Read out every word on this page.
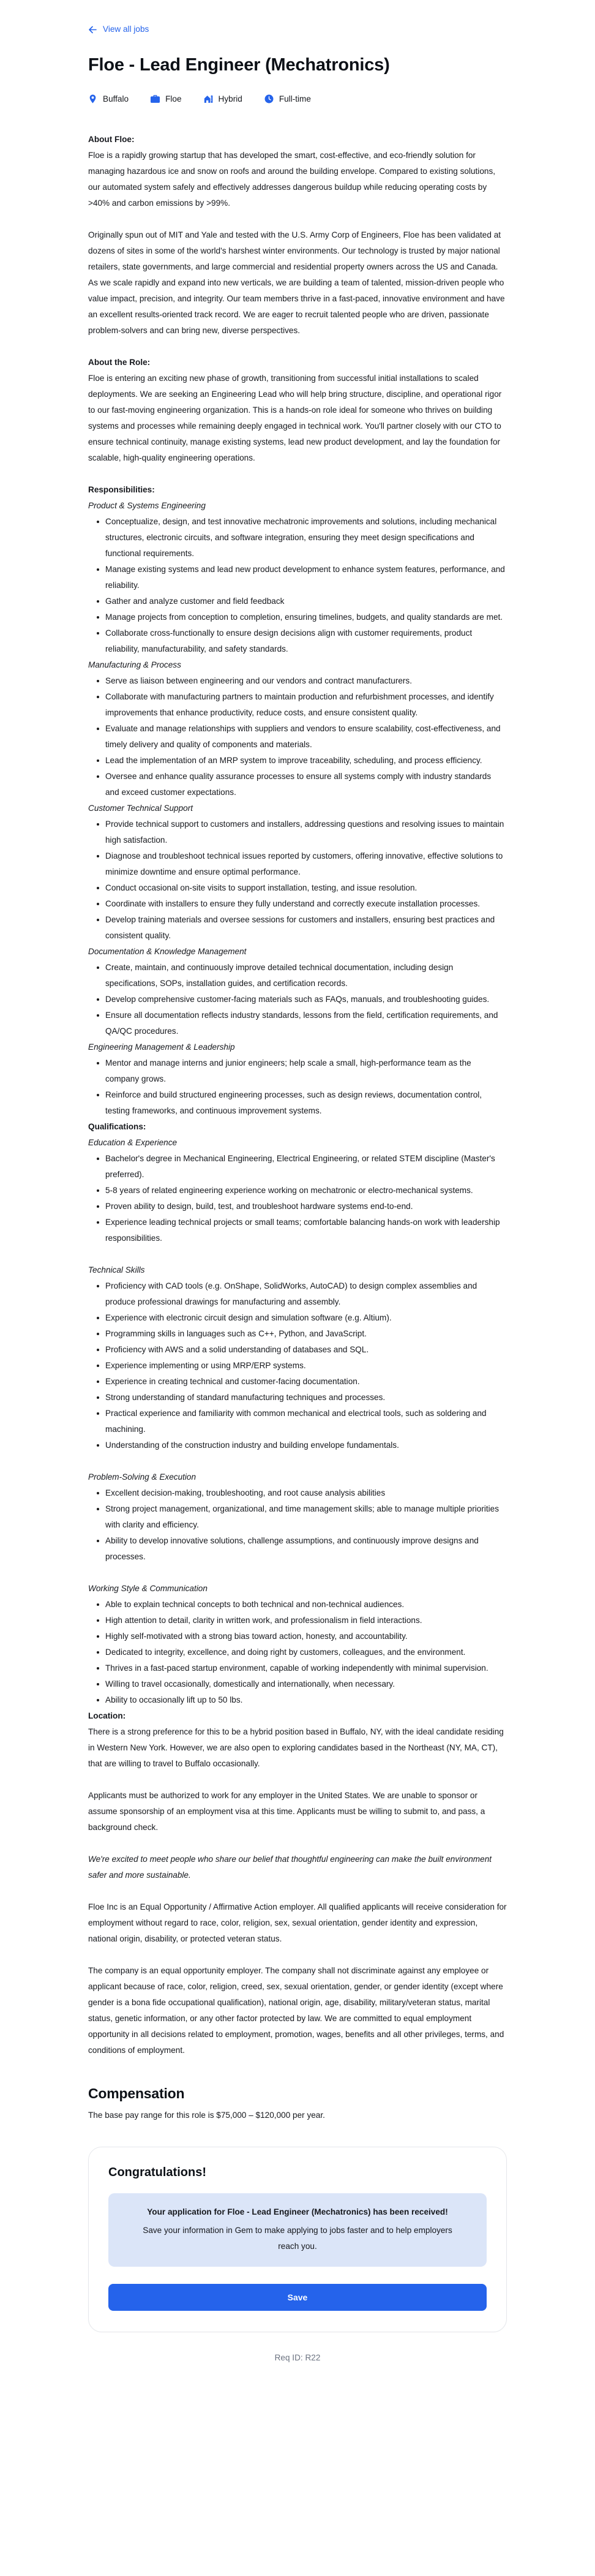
View all jobs
Floe - Lead Engineer (Mechatronics)
Buffalo	Floe	Hybrid	Full-time
About Floe:

Floe is a rapidly growing startup that has developed the smart, cost-effective, and eco-friendly solution for managing hazardous ice and snow on roofs and around the building envelope. Compared to existing solutions, our automated system safely and effectively addresses dangerous buildup while reducing operating costs by >40% and carbon emissions by >99%.

Originally spun out of MIT and Yale and tested with the U.S. Army Corp of Engineers, Floe has been validated at dozens of sites in some of the world's harshest winter environments. Our technology is trusted by major national retailers, state governments, and large commercial and residential property owners across the US and Canada.

As we scale rapidly and expand into new verticals, we are building a team of talented, mission-driven people who value impact, precision, and integrity. Our team members thrive in a fast-paced, innovative environment and have an excellent results-oriented track record. We are eager to recruit talented people who are driven, passionate problem-solvers and can bring new, diverse perspectives.

About the Role:

Floe is entering an exciting new phase of growth, transitioning from successful initial installations to scaled deployments. We are seeking an Engineering Lead who will help bring structure, discipline, and operational rigor to our fast-moving engineering organization. This is a hands-on role ideal for someone who thrives on building systems and processes while remaining deeply engaged in technical work. You'll partner closely with our CTO to ensure technical continuity, manage existing systems, lead new product development, and lay the foundation for scalable, high-quality engineering operations.

Responsibilities:
Product & Systems Engineering
Conceptualize, design, and test innovative mechatronic improvements and solutions, including mechanical structures, electronic circuits, and software integration, ensuring they meet design specifications and functional requirements.
Manage existing systems and lead new product development to enhance system features, performance, and reliability.
Gather and analyze customer and field feedback
Manage projects from conception to completion, ensuring timelines, budgets, and quality standards are met.
Collaborate cross-functionally to ensure design decisions align with customer requirements, product reliability, manufacturability, and safety standards.
Manufacturing & Process
Serve as liaison between engineering and our vendors and contract manufacturers.
Collaborate with manufacturing partners to maintain production and refurbishment processes, and identify improvements that enhance productivity, reduce costs, and ensure consistent quality.
Evaluate and manage relationships with suppliers and vendors to ensure scalability, cost-effectiveness, and timely delivery and quality of components and materials.
Lead the implementation of an MRP system to improve traceability, scheduling, and process efficiency.
Oversee and enhance quality assurance processes to ensure all systems comply with industry standards and exceed customer expectations.
Customer Technical Support
Provide technical support to customers and installers, addressing questions and resolving issues to maintain high satisfaction.
Diagnose and troubleshoot technical issues reported by customers, offering innovative, effective solutions to minimize downtime and ensure optimal performance.
Conduct occasional on-site visits to support installation, testing, and issue resolution.
Coordinate with installers to ensure they fully understand and correctly execute installation processes.
Develop training materials and oversee sessions for customers and installers, ensuring best practices and consistent quality.
Documentation & Knowledge Management
Create, maintain, and continuously improve detailed technical documentation, including design specifications, SOPs, installation guides, and certification records.
Develop comprehensive customer-facing materials such as FAQs, manuals, and troubleshooting guides.
Ensure all documentation reflects industry standards, lessons from the field, certification requirements, and QA/QC procedures.
Engineering Management & Leadership
Mentor and manage interns and junior engineers; help scale a small, high-performance team as the company grows.
Reinforce and build structured engineering processes, such as design reviews, documentation control, testing frameworks, and continuous improvement systems.
Qualifications:
Education & Experience
Bachelor's degree in Mechanical Engineering, Electrical Engineering, or related STEM discipline (Master's preferred).
5-8 years of related engineering experience working on mechatronic or electro-mechanical systems.
Proven ability to design, build, test, and troubleshoot hardware systems end-to-end.
Experience leading technical projects or small teams; comfortable balancing hands-on work with leadership responsibilities.
Technical Skills
Proficiency with CAD tools (e.g. OnShape, SolidWorks, AutoCAD) to design complex assemblies and produce professional drawings for manufacturing and assembly.
Experience with electronic circuit design and simulation software (e.g. Altium).
Programming skills in languages such as C++, Python, and JavaScript.
Proficiency with AWS and a solid understanding of databases and SQL.
Experience implementing or using MRP/ERP systems.
Experience in creating technical and customer-facing documentation.
Strong understanding of standard manufacturing techniques and processes.
Practical experience and familiarity with common mechanical and electrical tools, such as soldering and machining.
Understanding of the construction industry and building envelope fundamentals.
Problem-Solving & Execution
Excellent decision-making, troubleshooting, and root cause analysis abilities
Strong project management, organizational, and time management skills; able to manage multiple priorities with clarity and efficiency.
Ability to develop innovative solutions, challenge assumptions, and continuously improve designs and processes.
Working Style & Communication
Able to explain technical concepts to both technical and non-technical audiences.
High attention to detail, clarity in written work, and professionalism in field interactions.
Highly self-motivated with a strong bias toward action, honesty, and accountability.
Dedicated to integrity, excellence, and doing right by customers, colleagues, and the environment.
Thrives in a fast-paced startup environment, capable of working independently with minimal supervision.
Willing to travel occasionally, domestically and internationally, when necessary.
Ability to occasionally lift up to 50 lbs.
Location:

There is a strong preference for this to be a hybrid position based in Buffalo, NY, with the ideal candidate residing in Western New York. However, we are also open to exploring candidates based in the Northeast (NY, MA, CT), that are willing to travel to Buffalo occasionally.

Applicants must be authorized to work for any employer in the United States. We are unable to sponsor or assume sponsorship of an employment visa at this time. Applicants must be willing to submit to, and pass, a background check.

We're excited to meet people who share our belief that thoughtful engineering can make the built environment safer and more sustainable.

Floe Inc is an Equal Opportunity / Affirmative Action employer. All qualified applicants will receive consideration for employment without regard to race, color, religion, sex, sexual orientation, gender identity and expression, national origin, disability, or protected veteran status.

The company is an equal opportunity employer. The company shall not discriminate against any employee or applicant because of race, color, religion, creed, sex, sexual orientation, gender, or gender identity (except where gender is a bona fide occupational qualification), national origin, age, disability, military/veteran status, marital status, genetic information, or any other factor protected by law. We are committed to equal employment opportunity in all decisions related to employment, promotion, wages, benefits and all other privileges, terms, and conditions of employment.

Compensation

The base pay range for this role is $75,000 – $120,000 per year.

Congratulations!

Your application for Floe - Lead Engineer (Mechatronics) has been received!

Save your information in Gem to make applying to jobs faster and to help employers reach you.

Save
Req ID: R22
